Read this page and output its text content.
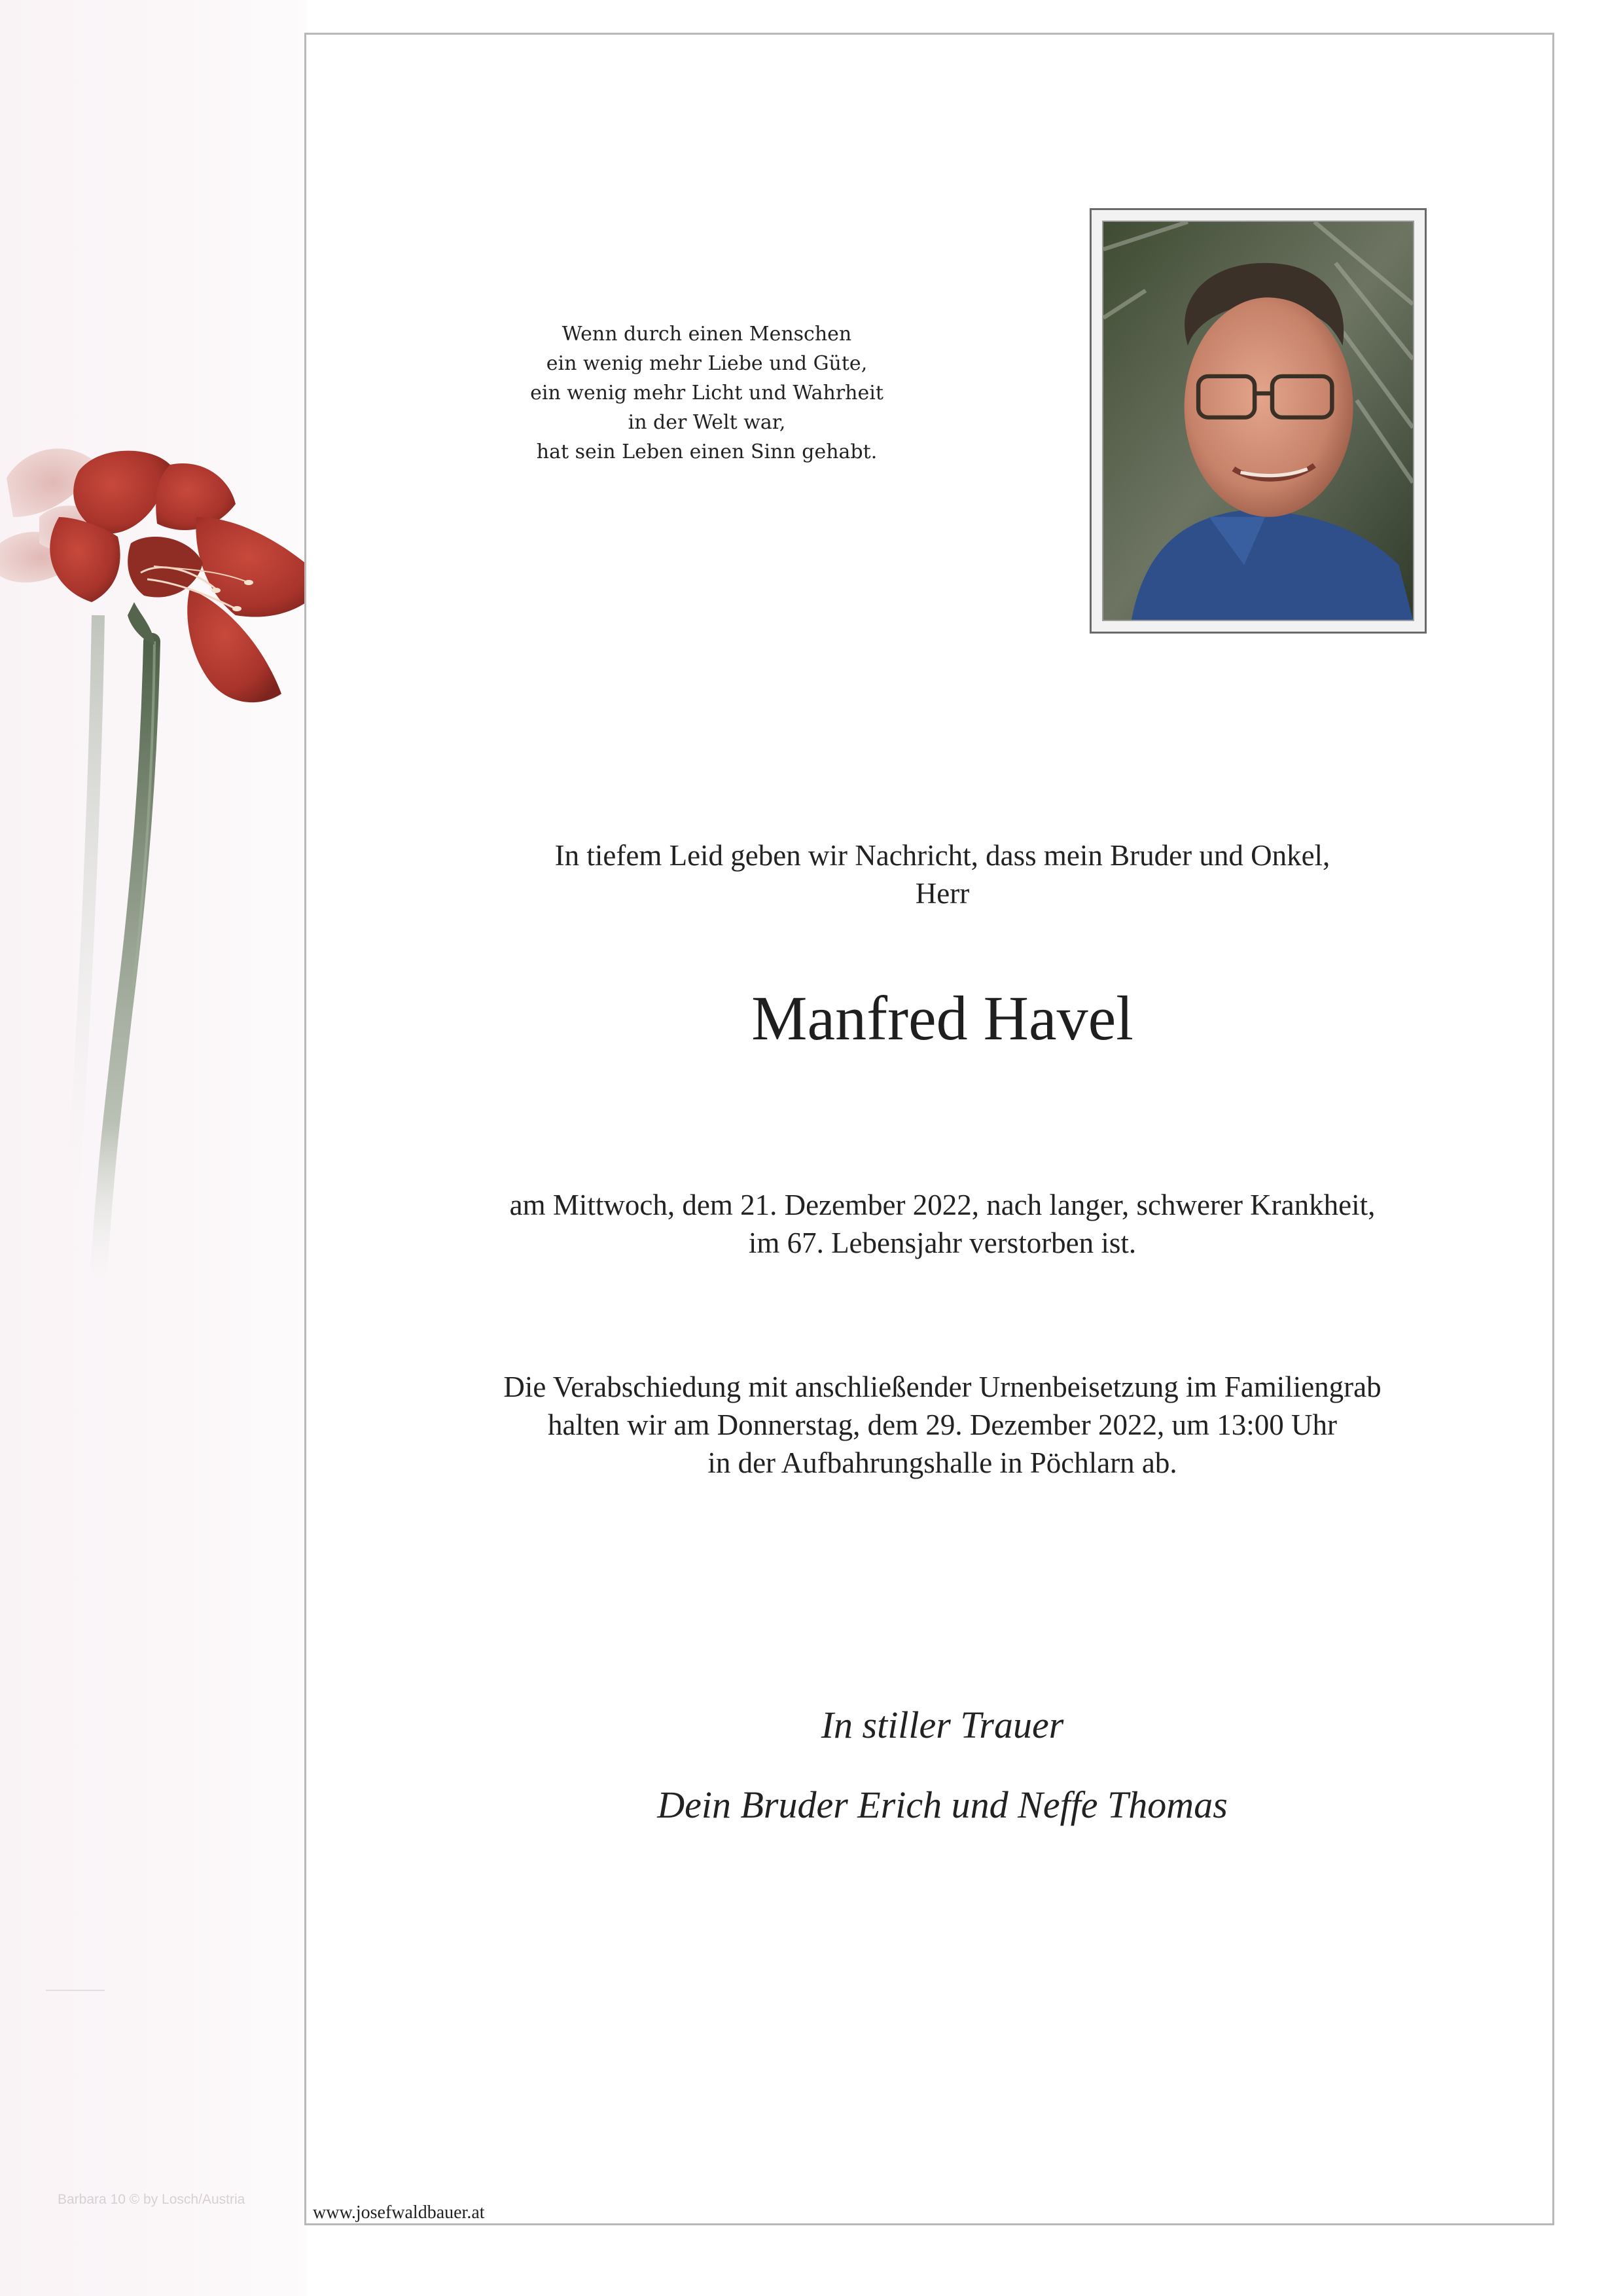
Wenn durch einen Menschen
ein wenig mehr Liebe und Güte,
ein wenig mehr Licht und Wahrheit
in der Welt war,
hat sein Leben einen Sinn gehabt.
In tiefem Leid geben wir Nachricht, dass mein Bruder und Onkel,
Herr
Manfred Havel
am Mittwoch, dem 21. Dezember 2022, nach langer, schwerer Krankheit,
im 67. Lebensjahr verstorben ist.
Die Verabschiedung mit anschließender Urnenbeisetzung im Familiengrab
halten wir am Donnerstag, dem 29. Dezember 2022, um 13:00 Uhr
in der Aufbahrungshalle in Pöchlarn ab.
In stiller Trauer
Dein Bruder Erich und Neffe Thomas
www.josefwaldbauer.at
Barbara 10 © by Losch/Austria
